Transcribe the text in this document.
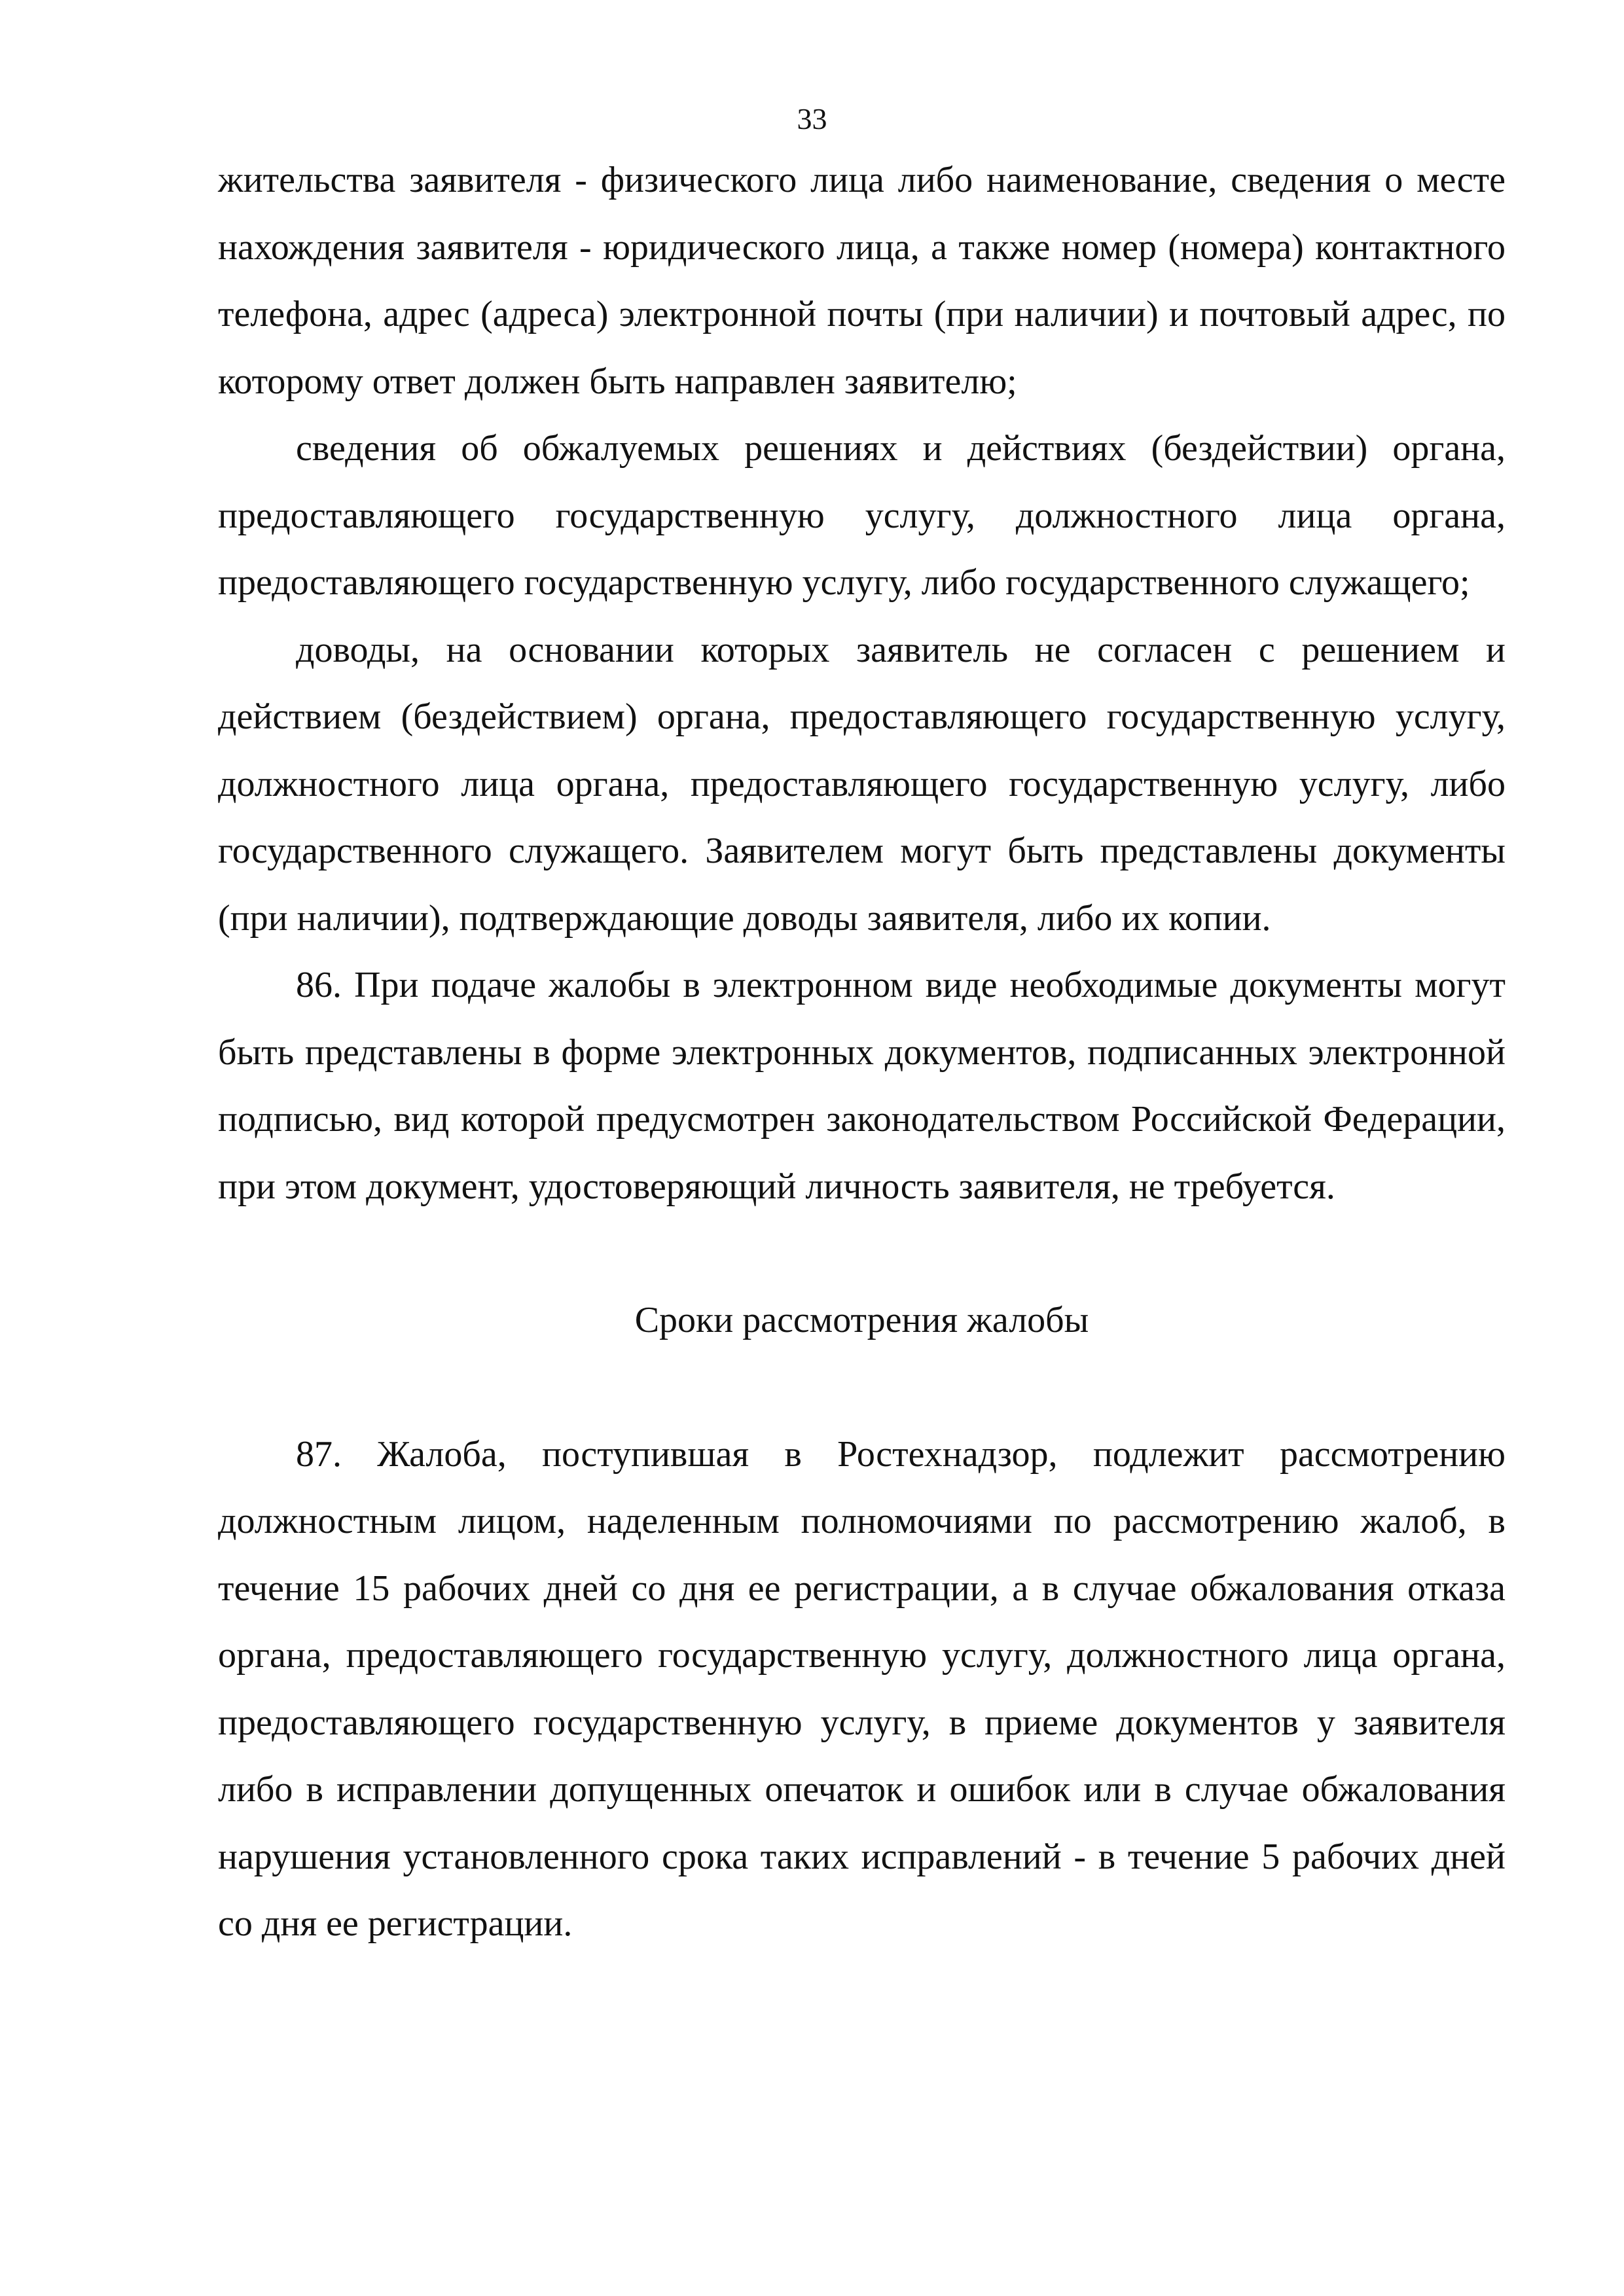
33

жительства заявителя - физического лица либо наименование, сведения о месте нахождения заявителя - юридического лица, а также номер (номера) контактного телефона, адрес (адреса) электронной почты (при наличии) и почтовый адрес, по которому ответ должен быть направлен заявителю;

сведения об обжалуемых решениях и действиях (бездействии) органа, предоставляющего государственную услугу, должностного лица органа, предоставляющего государственную услугу, либо государственного служащего;

доводы, на основании которых заявитель не согласен с решением и действием (бездействием) органа, предоставляющего государственную услугу, должностного лица органа, предоставляющего государственную услугу, либо государственного служащего. Заявителем могут быть представлены документы (при наличии), подтверждающие доводы заявителя, либо их копии.

86. При подаче жалобы в электронном виде необходимые документы могут быть представлены в форме электронных документов, подписанных электронной подписью, вид которой предусмотрен законодательством Российской Федерации, при этом документ, удостоверяющий личность заявителя, не требуется.

Сроки рассмотрения жалобы

87. Жалоба, поступившая в Ростехнадзор, подлежит рассмотрению должностным лицом, наделенным полномочиями по рассмотрению жалоб, в течение 15 рабочих дней со дня ее регистрации, а в случае обжалования отказа органа, предоставляющего государственную услугу, должностного лица органа, предоставляющего государственную услугу, в приеме документов у заявителя либо в исправлении допущенных опечаток и ошибок или в случае обжалования нарушения установленного срока таких исправлений - в течение 5 рабочих дней со дня ее регистрации.
